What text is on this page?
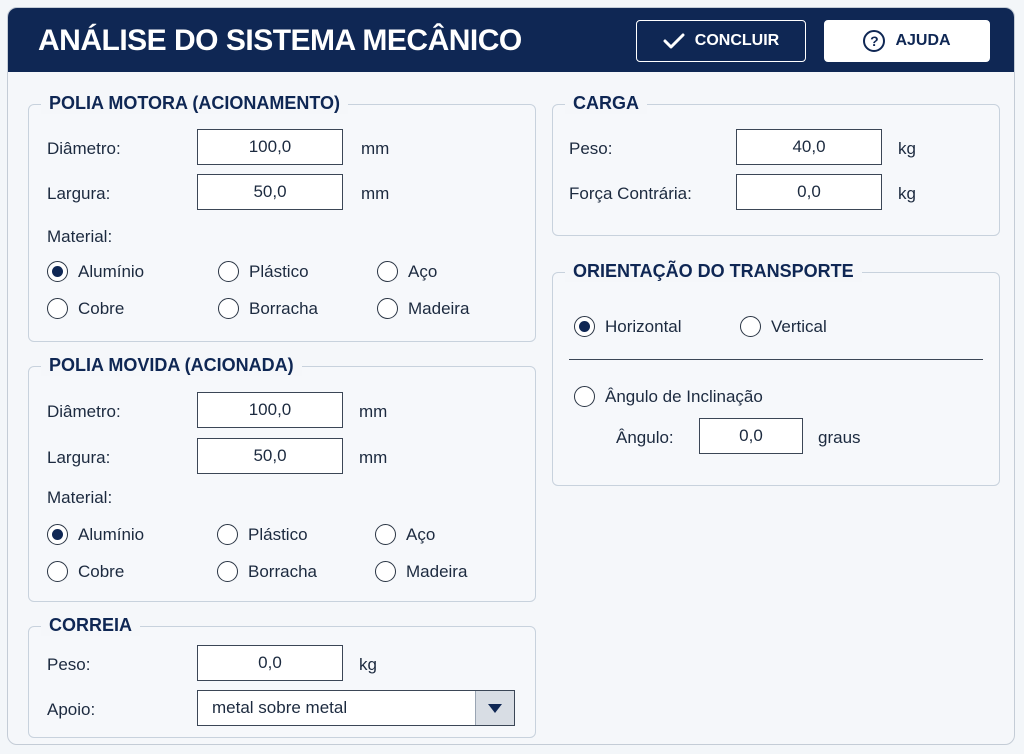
ANÁLISE DO SISTEMA MECÂNICO	CONCLUIR	?	AJUDA
POLIA MOTORA (ACIONAMENTO)
Diâmetro:	100,0	mm
Largura:	50,0	mm
Material:
Alumínio	Plástico	Aço
Cobre	Borracha	Madeira
POLIA MOVIDA (ACIONADA)
Diâmetro:	100,0	mm
Largura:	50,0	mm
Material:
Alumínio	Plástico	Aço
Cobre	Borracha	Madeira
CORREIA
Peso:	0,0	kg
Apoio:	metal sobre metal
CARGA
Peso:	40,0	kg
Força Contrária:	0,0	kg
ORIENTAÇÃO DO TRANSPORTE
Horizontal	Vertical
Ângulo de Inclinação
Ângulo:	0,0	graus
